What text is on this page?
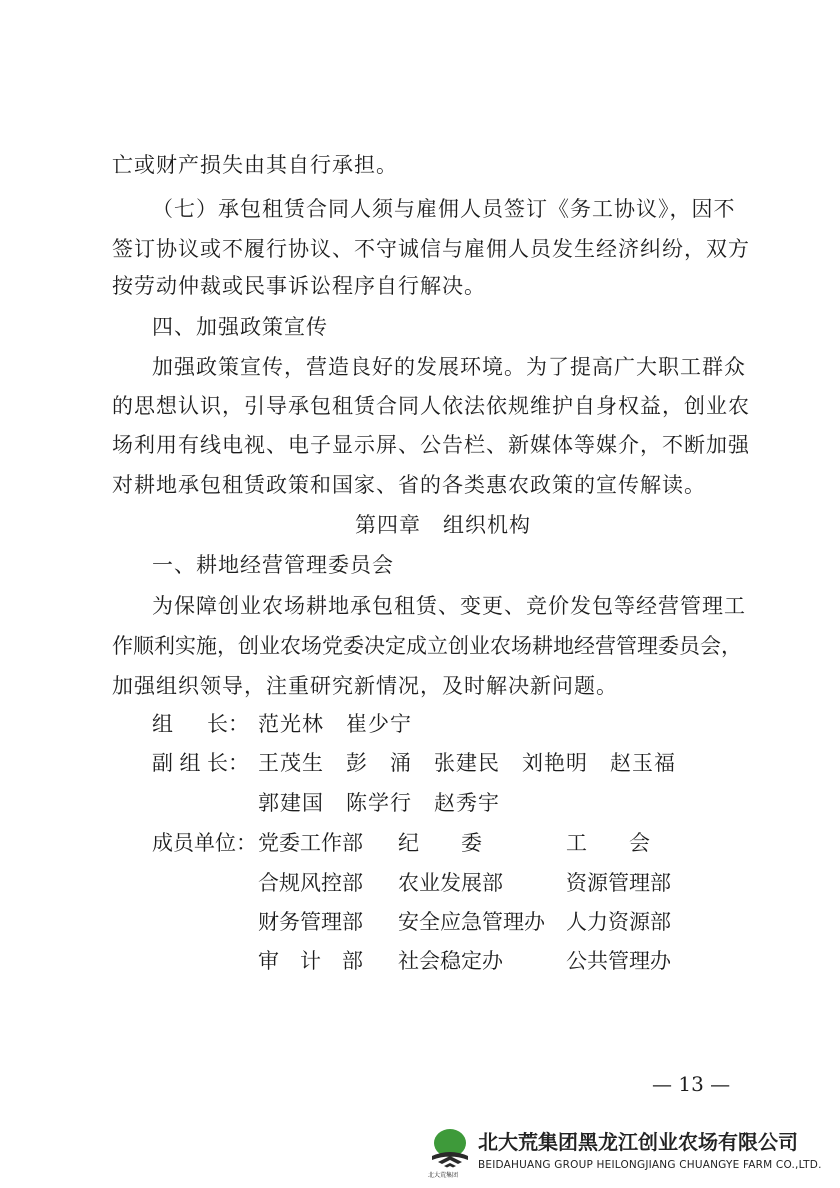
亡或财产损失由其自行承担。
（七）承包租赁合同人须与雇佣人员签订《务工协议》，因不
签订协议或不履行协议、不守诚信与雇佣人员发生经济纠纷，双方
按劳动仲裁或民事诉讼程序自行解决。
四、加强政策宣传
加强政策宣传，营造良好的发展环境。为了提高广大职工群众
的思想认识，引导承包租赁合同人依法依规维护自身权益，创业农
场利用有线电视、电子显示屏、公告栏、新媒体等媒介，不断加强
对耕地承包租赁政策和国家、省的各类惠农政策的宣传解读。
第四章　组织机构
一、耕地经营管理委员会
为保障创业农场耕地承包租赁、变更、竞价发包等经营管理工
作顺利实施，创业农场党委决定成立创业农场耕地经营管理委员会，
加强组织领导，注重研究新情况，及时解决新问题。
组 长 ： 范光林　崔少宁
副 组 长 ： 王茂生　彭　涌　张建民　刘艳明　赵玉福
郭建国　陈学行　赵秀宇
成员单位： 党委工作部 纪　　委	工　　会
合规风控部 农业发展部	资源管理部
财务管理部 安全应急管理办 人力资源部
审　计　部 社会稳定办	公共管理办
— 13 —
北大荒集团
北大荒集团黑龙江创业农场有限公司
BEIDAHUANG GROUP HEILONGJIANG CHUANGYE FARM CO.,LTD.
